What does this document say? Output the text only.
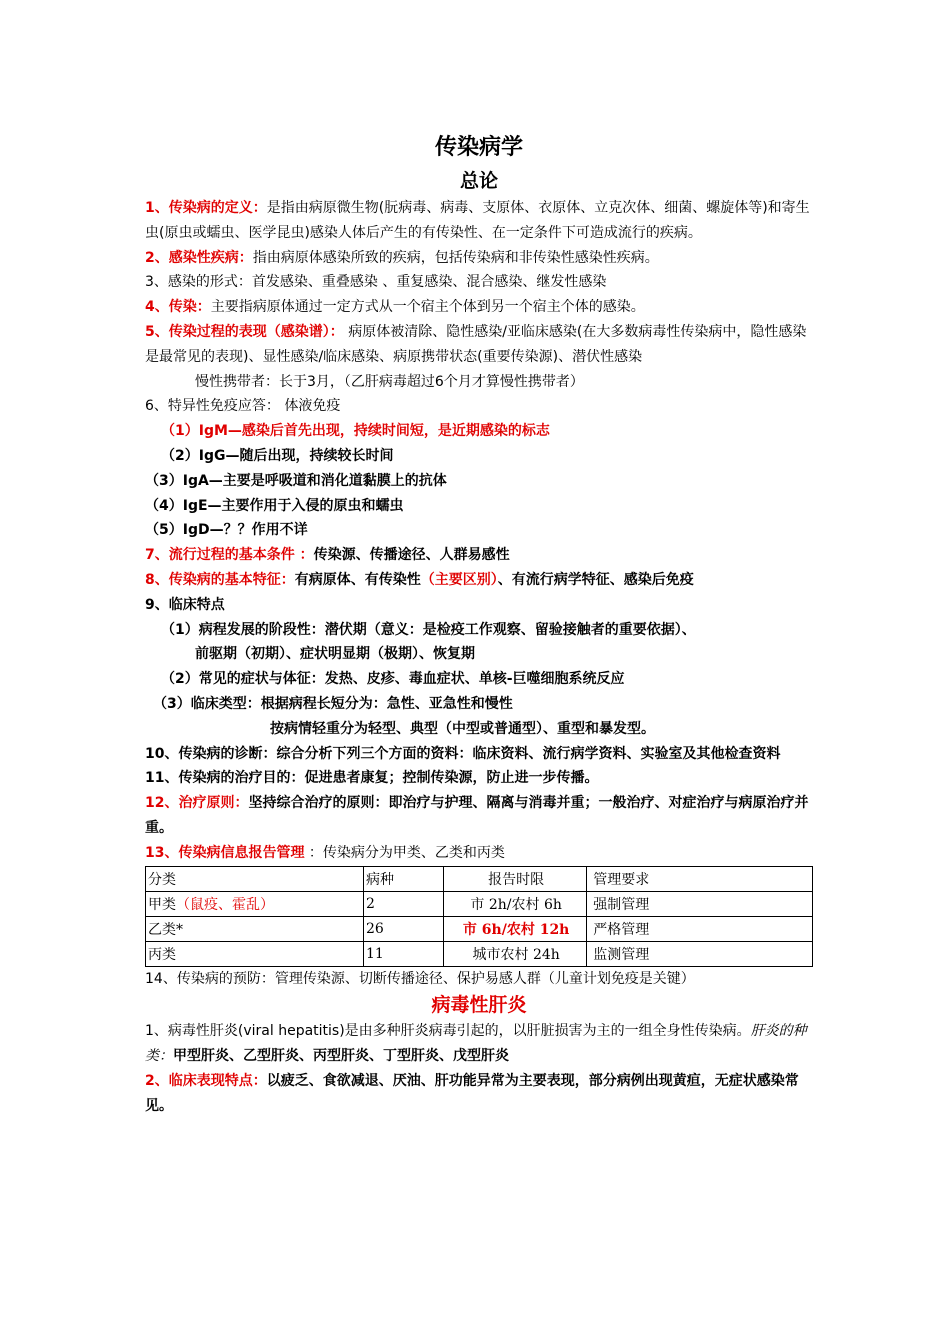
传染病学
总论

1、传染病的定义：是指由病原微生物(朊病毒、病毒、支原体、衣原体、立克次体、细菌、螺旋体等)和寄生虫(原虫或蠕虫、医学昆虫)感染人体后产生的有传染性、在一定条件下可造成流行的疾病。

2、感染性疾病：指由病原体感染所致的疾病，包括传染病和非传染性感染性疾病。

3、感染的形式：首发感染、重叠感染 、重复感染、混合感染、继发性感染

4、传染：主要指病原体通过一定方式从一个宿主个体到另一个宿主个体的感染。

5、传染过程的表现（感染谱）： 病原体被清除、隐性感染/亚临床感染(在大多数病毒性传染病中，隐性感染是最常见的表现)、显性感染/临床感染、病原携带状态(重要传染源)、潜伏性感染

慢性携带者：长于3月，（乙肝病毒超过6个月才算慢性携带者）

6、特异性免疫应答： 体液免疫

（1）IgM—感染后首先出现，持续时间短，是近期感染的标志

（2）IgG—随后出现，持续较长时间

（3）IgA—主要是呼吸道和消化道黏膜上的抗体

（4）IgE—主要作用于入侵的原虫和蠕虫

（5）IgD—？？作用不详

7、流行过程的基本条件 ：传染源、传播途径、人群易感性

8、传染病的基本特征：有病原体、有传染性（主要区别）、有流行病学特征、感染后免疫

9、临床特点

（1）病程发展的阶段性：潜伏期（意义：是检疫工作观察、留验接触者的重要依据）、

前驱期（初期）、症状明显期（极期）、恢复期

（2）常见的症状与体征：发热、皮疹、毒血症状、单核-巨噬细胞系统反应

（3）临床类型：根据病程长短分为：急性、亚急性和慢性

按病情轻重分为轻型、典型（中型或普通型）、重型和暴发型。

10、传染病的诊断：综合分析下列三个方面的资料：临床资料、流行病学资料、实验室及其他检查资料

11、传染病的治疗目的：促进患者康复；控制传染源，防止进一步传播。

12、治疗原则：坚持综合治疗的原则：即治疗与护理、隔离与消毒并重；一般治疗、对症治疗与病原治疗并重。

13、传染病信息报告管理 ：传染病分为甲类、乙类和丙类

分类	病种	报告时限	管理要求
甲类（鼠疫、霍乱）	2	市 2h/农村 6h	强制管理
乙类*	26	市 6h/农村 12h	严格管理
丙类	11	城市农村 24h	监测管理

14、传染病的预防：管理传染源、切断传播途径、保护易感人群（儿童计划免疫是关键）

病毒性肝炎

1、病毒性肝炎(viral hepatitis)是由多种肝炎病毒引起的，以肝脏损害为主的一组全身性传染病。肝炎的种类：甲型肝炎、乙型肝炎、丙型肝炎、丁型肝炎、戊型肝炎

2、临床表现特点：以疲乏、食欲减退、厌油、肝功能异常为主要表现，部分病例出现黄疸，无症状感染常见。
